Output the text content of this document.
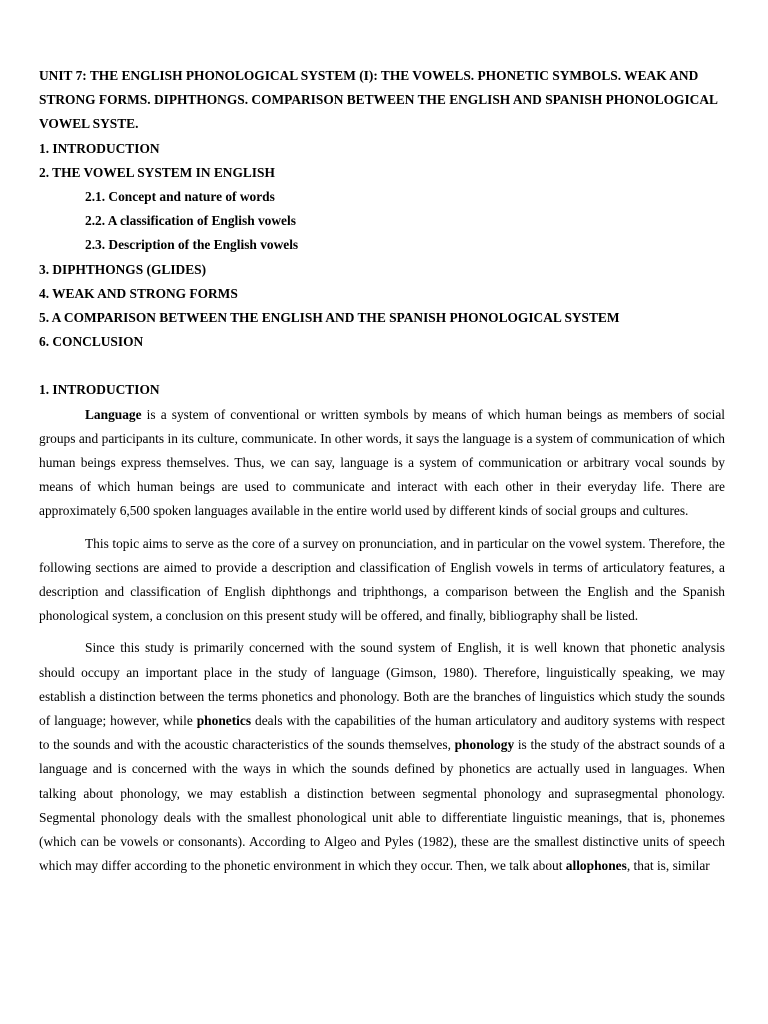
UNIT 7: THE ENGLISH PHONOLOGICAL SYSTEM (I): THE VOWELS. PHONETIC SYMBOLS. WEAK AND STRONG FORMS. DIPHTHONGS. COMPARISON BETWEEN THE ENGLISH AND SPANISH PHONOLOGICAL VOWEL SYSTE.

1. INTRODUCTION
2. THE VOWEL SYSTEM IN ENGLISH
2.1. Concept and nature of words
2.2. A classification of English vowels
2.3. Description of the English vowels
3. DIPHTHONGS (GLIDES)
4. WEAK AND STRONG FORMS
5. A COMPARISON BETWEEN THE ENGLISH AND THE SPANISH PHONOLOGICAL SYSTEM
6. CONCLUSION

1. INTRODUCTION

Language is a system of conventional or written symbols by means of which human beings as members of social groups and participants in its culture, communicate. In other words, it says the language is a system of communication of which human beings express themselves. Thus, we can say, language is a system of communication or arbitrary vocal sounds by means of which human beings are used to communicate and interact with each other in their everyday life. There are approximately 6,500 spoken languages available in the entire world used by different kinds of social groups and cultures.

This topic aims to serve as the core of a survey on pronunciation, and in particular on the vowel system. Therefore, the following sections are aimed to provide a description and classification of English vowels in terms of articulatory features, a description and classification of English diphthongs and triphthongs, a comparison between the English and the Spanish phonological system, a conclusion on this present study will be offered, and finally, bibliography shall be listed.

Since this study is primarily concerned with the sound system of English, it is well known that phonetic analysis should occupy an important place in the study of language (Gimson, 1980). Therefore, linguistically speaking, we may establish a distinction between the terms phonetics and phonology. Both are the branches of linguistics which study the sounds of language; however, while phonetics deals with the capabilities of the human articulatory and auditory systems with respect to the sounds and with the acoustic characteristics of the sounds themselves, phonology is the study of the abstract sounds of a language and is concerned with the ways in which the sounds defined by phonetics are actually used in languages. When talking about phonology, we may establish a distinction between segmental phonology and suprasegmental phonology. Segmental phonology deals with the smallest phonological unit able to differentiate linguistic meanings, that is, phonemes (which can be vowels or consonants). According to Algeo and Pyles (1982), these are the smallest distinctive units of speech which may differ according to the phonetic environment in which they occur. Then, we talk about allophones, that is, similar
